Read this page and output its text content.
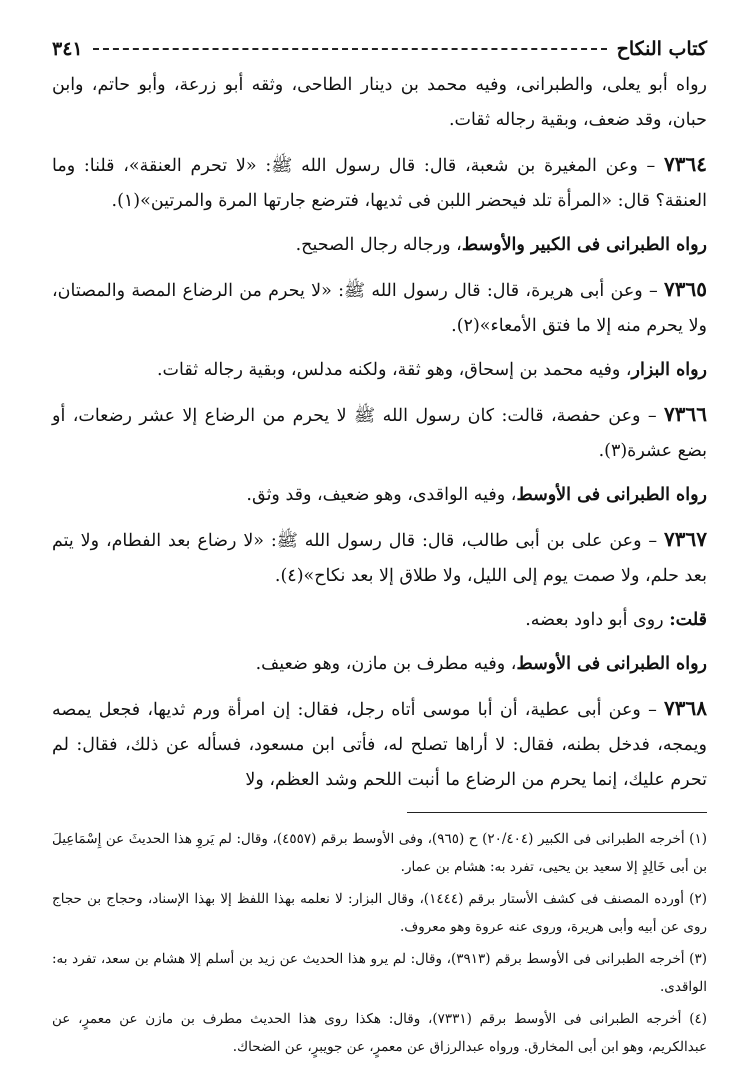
كتاب النكاح
٣٤١

رواه أبو يعلى، والطبرانى، وفيه محمد بن دينار الطاحى، وثقه أبو زرعة، وأبو حاتم، وابن حبان، وقد ضعف، وبقية رجاله ثقات.

٧٣٦٤ – وعن المغيرة بن شعبة، قال: قال رسول الله ﷺ: «لا تحرم العنقة»، قلنا: وما العنقة؟ قال: «المرأة تلد فيحضر اللبن فى ثديها، فترضع جارتها المرة والمرتين»(١).

رواه الطبرانى فى الكبير والأوسط، ورجاله رجال الصحيح.

٧٣٦٥ – وعن أبى هريرة، قال: قال رسول الله ﷺ: «لا يحرم من الرضاع المصة والمصتان، ولا يحرم منه إلا ما فتق الأمعاء»(٢).

رواه البزار، وفيه محمد بن إسحاق، وهو ثقة، ولكنه مدلس، وبقية رجاله ثقات.

٧٣٦٦ – وعن حفصة، قالت: كان رسول الله ﷺ لا يحرم من الرضاع إلا عشر رضعات، أو بضع عشرة(٣).

رواه الطبرانى فى الأوسط، وفيه الواقدى، وهو ضعيف، وقد وثق.

٧٣٦٧ – وعن على بن أبى طالب، قال: قال رسول الله ﷺ: «لا رضاع بعد الفطام، ولا يتم بعد حلم، ولا صمت يوم إلى الليل، ولا طلاق إلا بعد نكاح»(٤).

قلت: روى أبو داود بعضه.

رواه الطبرانى فى الأوسط، وفيه مطرف بن مازن، وهو ضعيف.

٧٣٦٨ – وعن أبى عطية، أن أبا موسى أتاه رجل، فقال: إن امرأة ورم ثديها، فجعل يمصه ويمجه، فدخل بطنه، فقال: لا أراها تصلح له، فأتى ابن مسعود، فسأله عن ذلك، فقال: لم تحرم عليك، إنما يحرم من الرضاع ما أنبت اللحم وشد العظم، ولا

(١) أخرجه الطبرانى فى الكبير (٢٠/٤٠٤) ح (٩٦٥)، وفى الأوسط برقم (٤٥٥٧)، وقال: لم يَروِ هذا الحديثَ عن إِسْمَاعِيلَ بن أبى خَالِدٍ إلا سعيد بن يحيى، تفرد به: هشام بن عمار.

(٢) أورده المصنف فى كشف الأستار برقم (١٤٤٤)، وقال البزار: لا نعلمه بهذا اللفظ إلا بهذا الإسناد، وحجاج بن حجاج روى عن أبيه وأبى هريرة، وروى عنه عروة وهو معروف.

(٣) أخرجه الطبرانى فى الأوسط برقم (٣٩١٣)، وقال: لم يرو هذا الحديث عن زيد بن أسلم إلا هشام بن سعد، تفرد به: الواقدى.

(٤) أخرجه الطبرانى فى الأوسط برقم (٧٣٣١)، وقال: هكذا روى هذا الحديث مطرف بن مازن عن معمرٍ، عن عبدالكريم، وهو ابن أبى المخارق. ورواه عبدالرزاق عن معمرٍ، عن جويبرٍ، عن الضحاك.
